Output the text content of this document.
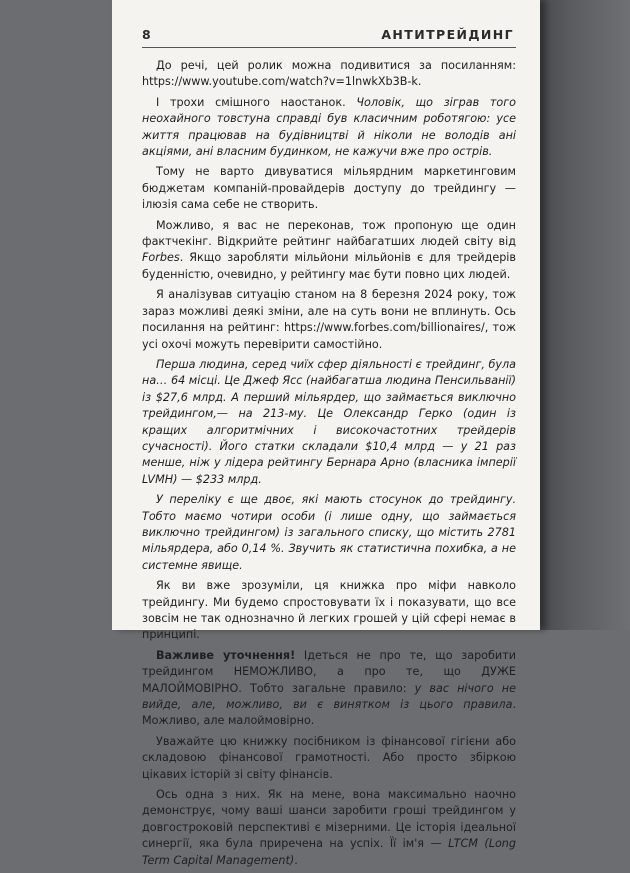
8	АНТИТРЕЙДИНГ

До речі, цей ролик можна подивитися за посиланням: https://www.youtube.com/watch?v=1lnwkXb3B-k.

І трохи смішного наостанок. Чоловік, що зіграв того неохайного товстуна справді був класичним роботягою: усе життя працював на будівництві й ніколи не володів ані акціями, ані власним будинком, не кажучи вже про острів.

Тому не варто дивуватися мільярдним маркетинговим бюджетам компаній-провайдерів доступу до трейдингу — ілюзія сама себе не створить.

Можливо, я вас не переконав, тож пропоную ще один фактчекінг. Відкрийте рейтинг найбагатших людей світу від Forbes. Якщо заробляти мільйони мільйонів є для трейдерів буденністю, очевидно, у рейтингу має бути повно цих людей.

Я аналізував ситуацію станом на 8 березня 2024 року, тож зараз можливі деякі зміни, але на суть вони не вплинуть. Ось посилання на рейтинг: https://www.forbes.com/billionaires/, тож усі охочі можуть перевірити самостійно.

Перша людина, серед чиїх сфер діяльності є трейдинг, була на… 64 місці. Це Джеф Ясс (найбагатша людина Пенсильванії) із $27,6 млрд. А перший мільярдер, що займається виключно трейдингом,— на 213-му. Це Олександр Герко (один із кращих алгоритмічних і високочастотних трейдерів сучасності). Його статки складали $10,4 млрд — у 21 раз менше, ніж у лідера рейтингу Бернара Арно (власника імперії LVMH) — $233 млрд.

У переліку є ще двоє, які мають стосунок до трейдингу. Тобто маємо чотири особи (і лише одну, що займається виключно трейдингом) із загального списку, що містить 2781 мільярдера, або 0,14 %. Звучить як статистична похибка, а не системне явище.

Як ви вже зрозуміли, ця книжка про міфи навколо трейдингу. Ми будемо спростовувати їх і показувати, що все зовсім не так однозначно й легких грошей у цій сфері немає в принципі.

Важливе уточнення! Ідеться не про те, що заробити трейдингом НЕМОЖЛИВО, а про те, що ДУЖЕ МАЛОЙМОВІРНО. Тобто загальне правило: у вас нічого не вийде, але, можливо, ви є винятком із цього правила. Можливо, але малоймовірно.

Уважайте цю книжку посібником із фінансової гігієни або складовою фінансової грамотності. Або просто збіркою цікавих історій зі світу фінансів.

Ось одна з них. Як на мене, вона максимально наочно демонструє, чому ваші шанси заробити гроші трейдингом у довгостроковій перспективі є мізерними. Це історія ідеальної синергії, яка була приречена на успіх. Її ім'я — LTCM (Long Term Capital Management).
